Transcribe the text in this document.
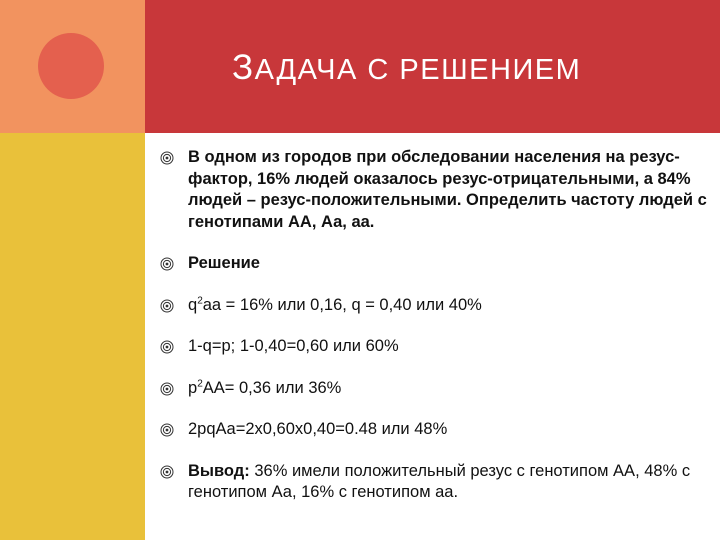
ЗАДАЧА С РЕШЕНИЕМ
В одном из городов при обследовании населения на резус-фактор, 16% людей оказалось резус-отрицательными, а 84% людей – резус-положительными. Определить частоту людей с генотипами АА, Аа, аа.
Решение
$q^2aa = 16\%$ или 0,16, q = 0,40 или 40%
1-q=p; 1-0,40=0,60 или 60%
$p^2AA= 0,36$ или 36%
2pqAa=2x0,60x0,40=0.48 или 48%
Вывод: 36% имели положительный резус с генотипом АА, 48% с генотипом Аа, 16% с генотипом аа.
